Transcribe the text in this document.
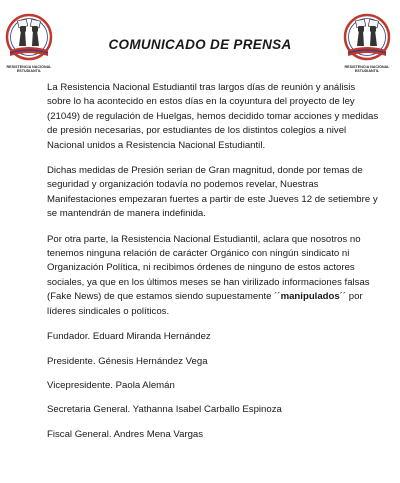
RESISTENCIA NACIONAL
ESTUDIANTIL
RESISTENCIA NACIONAL
ESTUDIANTIL
COMUNICADO DE PRENSA

La Resistencia Nacional Estudiantil tras largos días de reunión y análisis sobre lo ha acontecido en estos días en la coyuntura del proyecto de ley (21049) de regulación de Huelgas, hemos decidido tomar acciones y medidas de presión necesarias, por estudiantes de los distintos colegios a nivel Nacional unidos a Resistencia Nacional Estudiantil.

Dichas medidas de Presión serian de Gran magnitud, donde por temas de seguridad y organización todavía no podemos revelar, Nuestras Manifestaciones empezaran fuertes a partir de este Jueves 12 de setiembre y se mantendrán de manera indefinida.

Por otra parte, la Resistencia Nacional Estudiantil, aclara que nosotros no tenemos ninguna relación de carácter Orgánico con ningún sindicato ni Organización Política, ni recibimos órdenes de ninguno de estos actores sociales, ya que en los últimos meses se han virilizado informaciones falsas (Fake News) de que estamos siendo supuestamente ´´manipulados´´ por líderes sindicales o políticos.

Fundador. Eduard Miranda Hernández

Presidente. Génesis Hernández Vega

Vicepresidente. Paola Alemán

Secretaria General. Yathanna Isabel Carballo Espinoza

Fiscal General. Andres Mena Vargas
